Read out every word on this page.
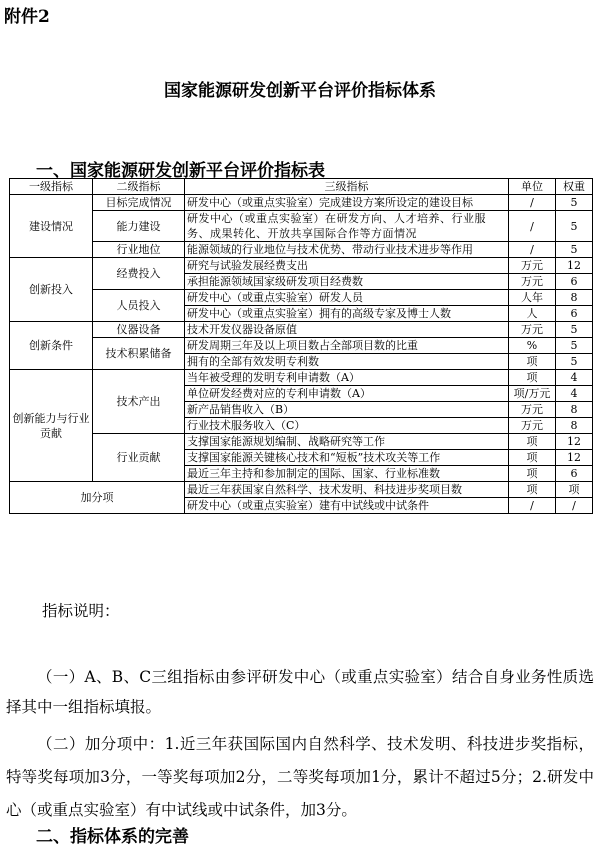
附件2
国家能源研发创新平台评价指标体系
一、国家能源研发创新平台评价指标表
一级指标	二级指标	三级指标	单位	权重
建设情况	目标完成情况	研发中心（或重点实验室）完成建设方案所设定的建设目标	/	5
	能力建设	研发中心（或重点实验室）在研发方向、人才培养、行业服务、成果转化、开放共享国际合作等方面情况	/	5
	行业地位	能源领域的行业地位与技术优势、带动行业技术进步等作用	/	5
创新投入	经费投入	研究与试验发展经费支出	万元	12
		承担能源领域国家级研发项目经费数	万元	6
	人员投入	研发中心（或重点实验室）研发人员	人年	8
		研发中心（或重点实验室）拥有的高级专家及博士人数	人	6
创新条件	仪器设备	技术开发仪器设备原值	万元	5
	技术积累储备	研发周期三年及以上项目数占全部项目数的比重	%	5
		拥有的全部有效发明专利数	项	5
创新能力与行业贡献	技术产出	当年被受理的发明专利申请数（A）	项	4
		单位研发经费对应的专利申请数（A）	项/万元	4
		新产品销售收入（B）	万元	8
		行业技术服务收入（C）	万元	8
	行业贡献	支撑国家能源规划编制、战略研究等工作	项	12
		支撑国家能源关键核心技术和“短板”技术攻关等工作	项	12
		最近三年主持和参加制定的国际、国家、行业标准数	项	6
加分项		最近三年获国家自然科学、技术发明、科技进步奖项目数	项	项
		研发中心（或重点实验室）建有中试线或中试条件	/	/
指标说明：

（一）A、B、C三组指标由参评研发中心（或重点实验室）结合自身业务性质选择其中一组指标填报。

（二）加分项中：1.近三年获国际国内自然科学、技术发明、科技进步奖指标，特等奖每项加3分，一等奖每项加2分，二等奖每项加1分，累计不超过5分；2.研发中心（或重点实验室）有中试线或中试条件，加3分。

二、指标体系的完善
